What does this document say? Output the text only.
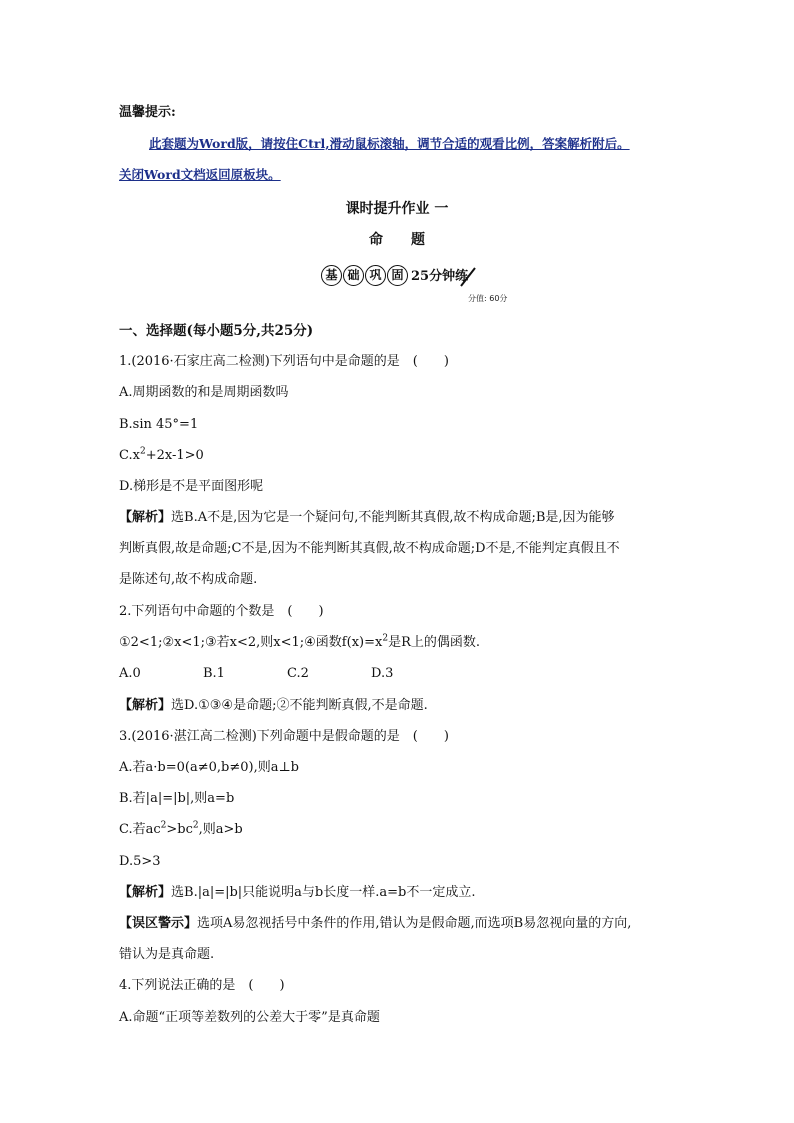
温馨提示:
此套题为Word版，请按住Ctrl,滑动鼠标滚轴，调节合适的观看比例，答案解析附后。
关闭Word文档返回原板块。
课时提升作业 一
命　　题
基 础 巩 固 25分钟练
分值: 60分
一、选择题(每小题5分,共25分)
1.(2016·石家庄高二检测)下列语句中是命题的是　(　　)
A.周期函数的和是周期函数吗
B.sin 45°=1
$C.x^2+2x-1>0$
D.梯形是不是平面图形呢
【解析】选B.A不是,因为它是一个疑问句,不能判断其真假,故不构成命题;B是,因为能够
判断真假,故是命题;C不是,因为不能判断其真假,故不构成命题;D不是,不能判定真假且不
是陈述句,故不构成命题.
2.下列语句中命题的个数是　(　　)
①2<1;②x<1;③若x<2,则x<1;④函数$f(x)=x^2$是R上的偶函数.
A.0	B.1	C.2	D.3
【解析】选D.①③④是命题;②不能判断真假,不是命题.
3.(2016·湛江高二检测)下列命题中是假命题的是　(　　)
A.若a·b=0(a≠0,b≠0),则a⊥b
B.若|a|=|b|,则a=b
C.若$ac^2>bc^2$,则a>b
D.5>3
【解析】选B.|a|=|b|只能说明a与b长度一样.a=b不一定成立.
【误区警示】选项A易忽视括号中条件的作用,错认为是假命题,而选项B易忽视向量的方向,
错认为是真命题.
4.下列说法正确的是　(　　)
A.命题“正项等差数列的公差大于零”是真命题
